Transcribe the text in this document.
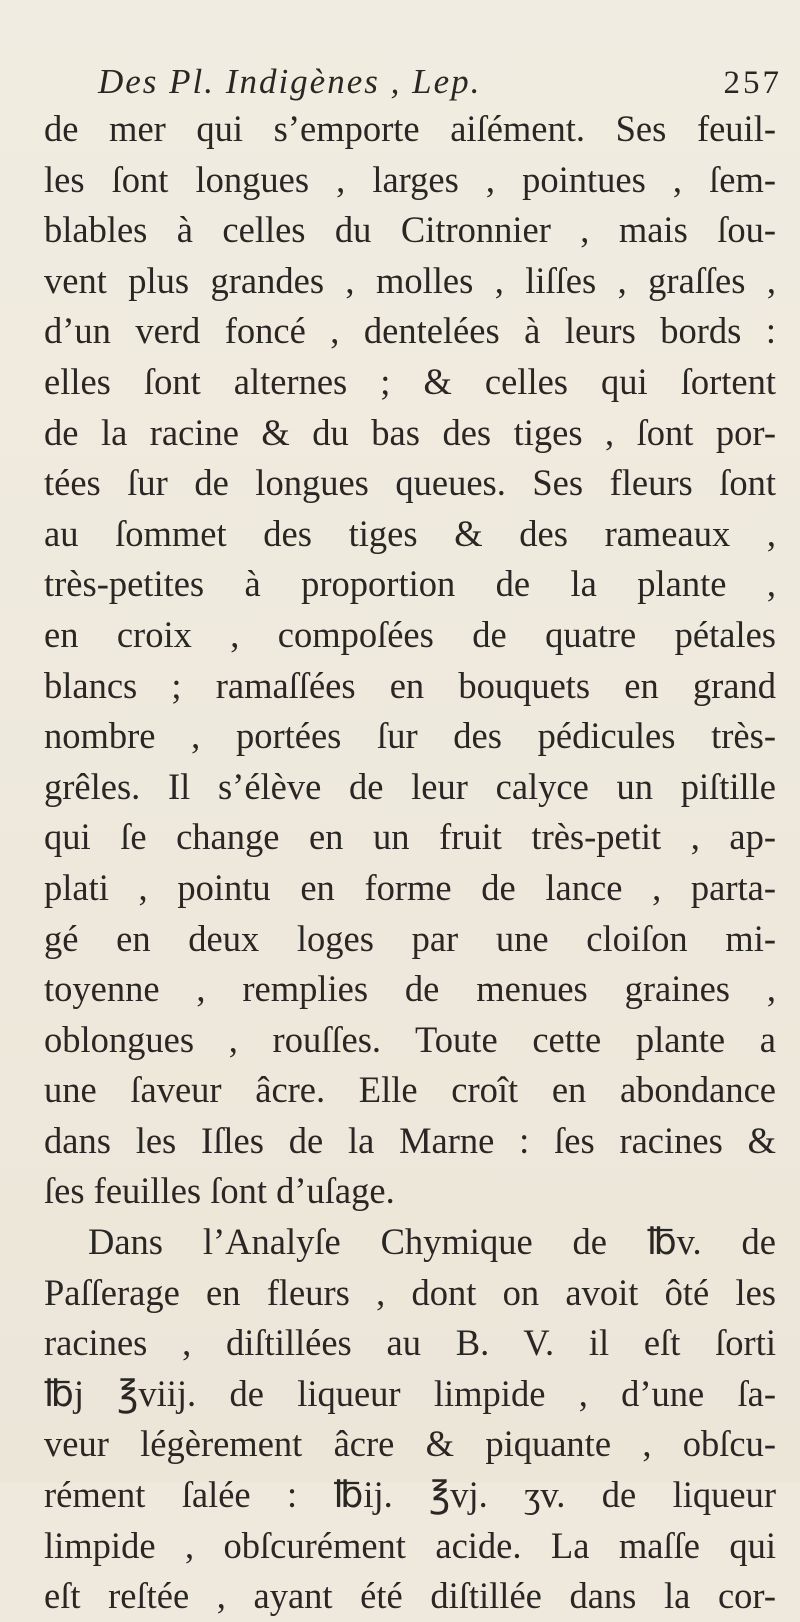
Des Pl. Indigènes , Lep.	257
de mer qui s’emporte aiſément. Ses feuil-
les ſont longues , larges , pointues , ſem-
blables à celles du Citronnier , mais ſou-
vent plus grandes , molles , liſſes , graſſes ,
d’un verd foncé , dentelées à leurs bords :
elles ſont alternes ; & celles qui ſortent
de la racine & du bas des tiges , ſont por-
tées ſur de longues queues. Ses fleurs ſont
au ſommet des tiges & des rameaux ,
très-petites à proportion de la plante ,
en croix , compoſées de quatre pétales
blancs ; ramaſſées en bouquets en grand
nombre , portées ſur des pédicules très-
grêles. Il s’élève de leur calyce un piſtille
qui ſe change en un fruit très-petit , ap-
plati , pointu en forme de lance , parta-
gé en deux loges par une cloiſon mi-
toyenne , remplies de menues graines ,
oblongues , rouſſes. Toute cette plante a
une ſaveur âcre. Elle croît en abondance
dans les Iſles de la Marne : ſes racines &
ſes feuilles ſont d’uſage.
Dans l’Analyſe Chymique de ℔v. de
Paſſerage en fleurs , dont on avoit ôté les
racines , diſtillées au B. V. il eſt ſorti
℔j ℥viij. de liqueur limpide , d’une ſa-
veur légèrement âcre & piquante , obſcu-
rément ſalée : ℔ij. ℥vj. ʒv. de liqueur
limpide , obſcurément acide. La maſſe qui
eſt reſtée , ayant été diſtillée dans la cor-
